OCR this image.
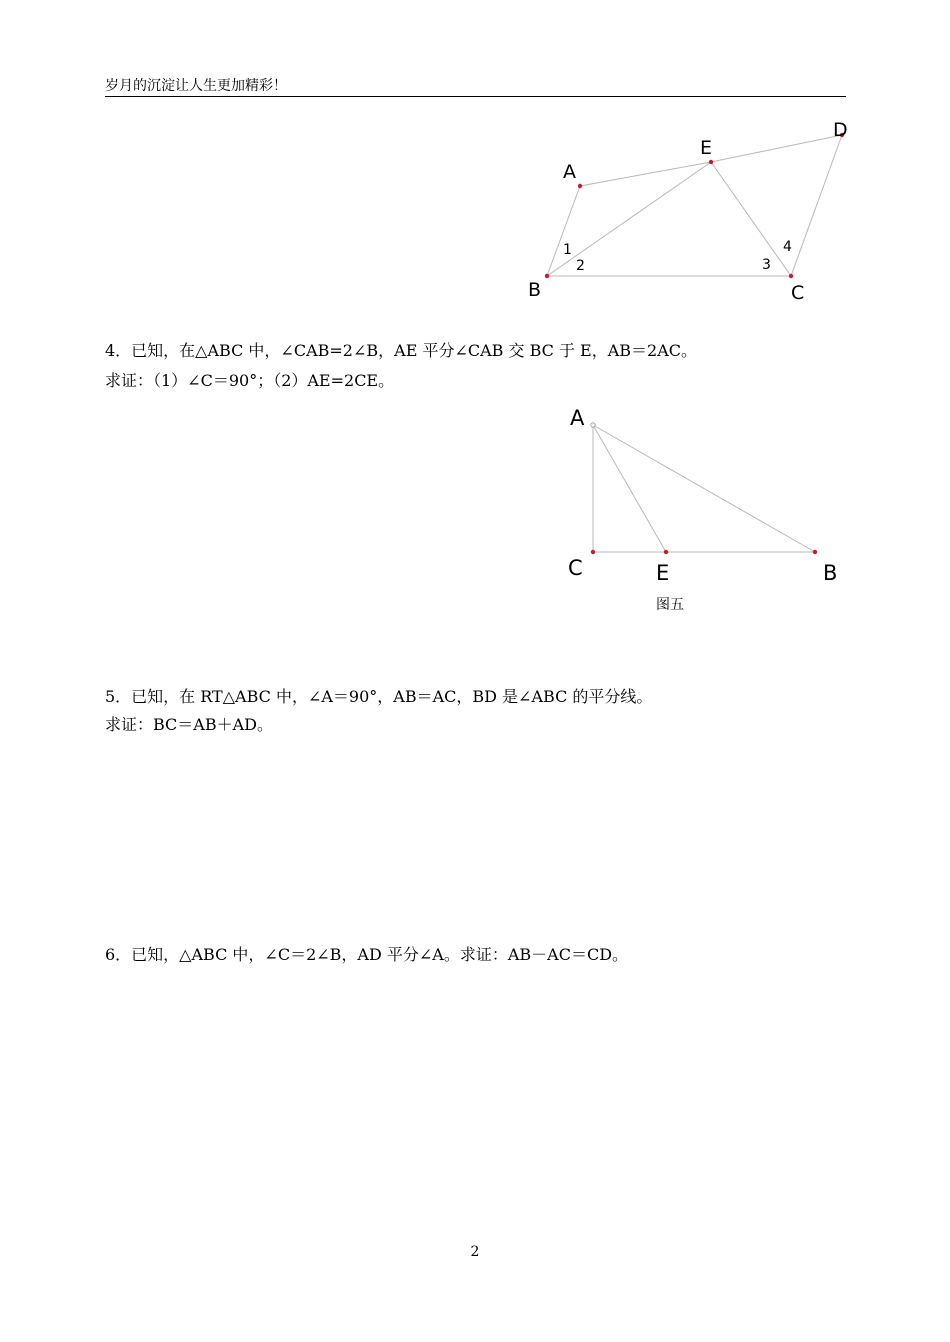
岁月的沉淀让人生更加精彩！
A
B	C
D
E
1
2	3
4
A
C	E	B
图五
4．已知，在△ABC 中，∠CAB=2∠B，AE 平分∠CAB 交 BC 于 E，AB＝2AC。
求证：（1）∠C＝90°；（2）AE=2CE。
5．已知，在 RT△ABC 中，∠A＝90°，AB＝AC，BD 是∠ABC 的平分线。
求证：BC＝AB＋AD。
6．已知，△ABC 中，∠C＝2∠B，AD 平分∠A。求证：AB－AC＝CD。
2
